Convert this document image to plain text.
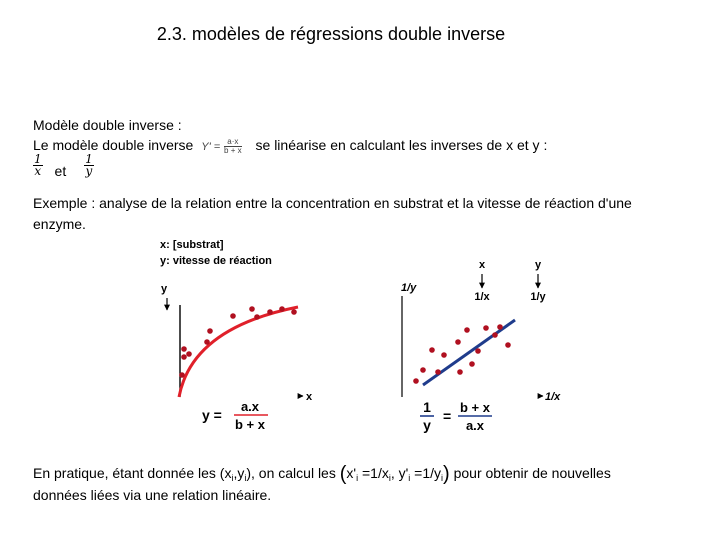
2.3. modèles de régressions double inverse
Modèle double inverse :
Le modèle double inverse $Y' = \frac{a\cdot x}{b + x}$ se linéarise en calculant les inverses de x et y :
$\frac{1}{x}$ et $\frac{1}{y}$
Exemple : analyse de la relation entre la concentration en substrat et la vitesse de réaction d'une enzyme.
x: [substrat]
y: vitesse de réaction
y
x
y =
a.x
b + x
x
1/x
y
1/y
1/y
1/x
1
y
=
b + x
a.x
En pratique, étant donnée les $(x_i,y_i)$, on calcul les ($x'_i =1/x_i$, $y'_i =1/y_i$) pour obtenir de nouvelles
données liées via une relation linéaire.
